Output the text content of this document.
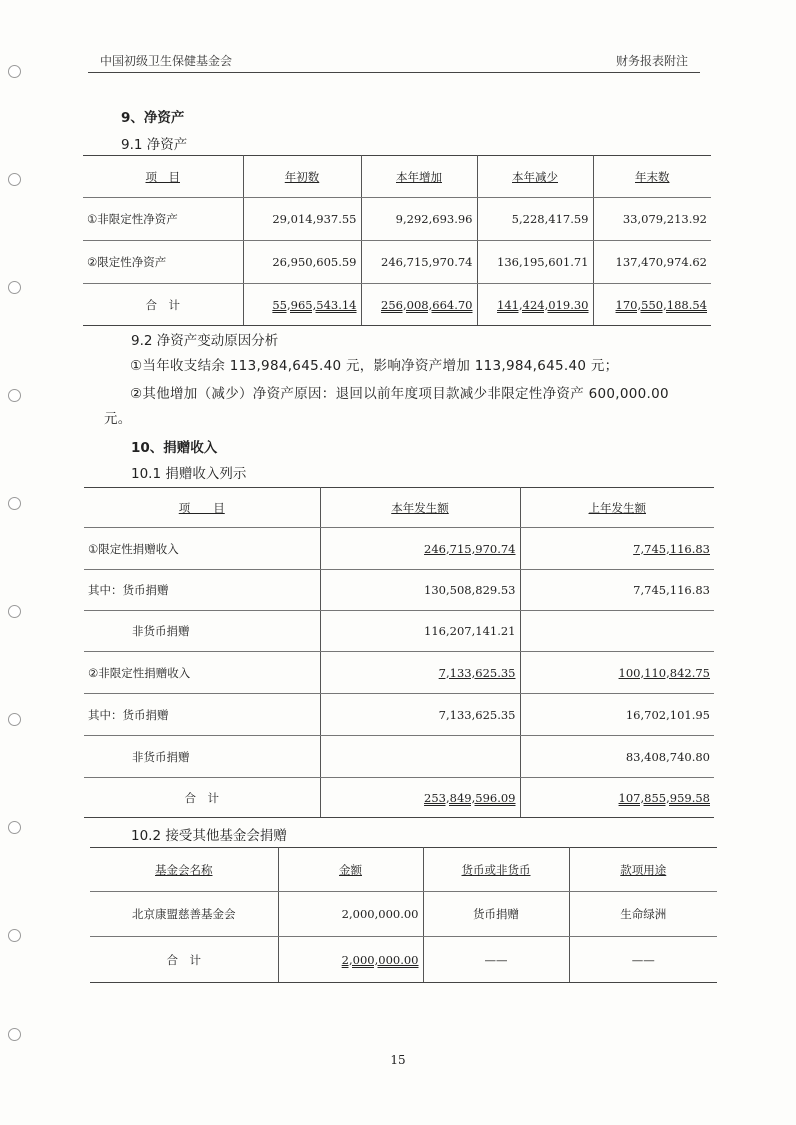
中国初级卫生保健基金会	财务报表附注
9、净资产
9.1 净资产
项　目	年初数	本年增加	本年减少	年末数
①非限定性净资产	29,014,937.55	9,292,693.96	5,228,417.59	33,079,213.92
②限定性净资产	26,950,605.59	246,715,970.74	136,195,601.71	137,470,974.62
合　计	55,965,543.14	256,008,664.70	141,424,019.30	170,550,188.54
9.2 净资产变动原因分析
①当年收支结余 113,984,645.40 元，影响净资产增加 113,984,645.40 元；
②其他增加（减少）净资产原因：退回以前年度项目款减少非限定性净资产 600,000.00
元。
10、捐赠收入
10.1 捐赠收入列示
项　　目	本年发生额	上年发生额
①限定性捐赠收入	246,715,970.74	7,745,116.83
其中：货币捐赠	130,508,829.53	7,745,116.83
非货币捐赠	116,207,141.21	
②非限定性捐赠收入	7,133,625.35	100,110,842.75
其中：货币捐赠	7,133,625.35	16,702,101.95
非货币捐赠		83,408,740.80
合　计	253,849,596.09	107,855,959.58
10.2 接受其他基金会捐赠
基金会名称	金额	货币或非货币	款项用途
北京康盟慈善基金会	2,000,000.00	货币捐赠	生命绿洲
合　计	2,000,000.00	——	——
15
